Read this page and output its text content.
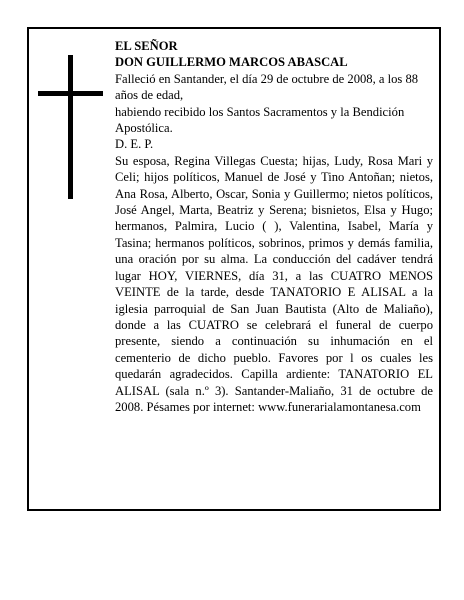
EL SEÑOR
DON GUILLERMO MARCOS ABASCAL
Falleció en Santander, el día 29 de octubre de 2008, a los 88 años de edad,
habiendo recibido los Santos Sacramentos y la Bendición Apostólica.
D. E. P.
Su esposa, Regina Villegas Cuesta; hijas, Ludy, Rosa Mari y Celi; hijos políticos, Manuel de José y Tino Antoñan; nietos, Ana Rosa, Alberto, Oscar, Sonia y Guillermo; nietos políticos, José Angel, Marta, Beatriz y Serena; bisnietos, Elsa y Hugo; hermanos, Palmira, Lucio ( ), Valentina, Isabel, María y Tasina; hermanos políticos, sobrinos, primos y demás familia, una oración por su alma. La conducción del cadáver tendrá lugar HOY, VIERNES, día 31, a las CUATRO MENOS VEINTE de la tarde, desde TANATORIO E ALISAL a la iglesia parroquial de San Juan Bautista (Alto de Maliaño), donde a las CUATRO se celebrará el funeral de cuerpo presente, siendo a continuación su inhumación en el cementerio de dicho pueblo. Favores por l os cuales les quedarán agradecidos. Capilla ardiente: TANATORIO EL ALISAL (sala n.º 3). Santander-Maliaño, 31 de octubre de 2008. Pésames por internet: www.funerarialamontanesa.com
